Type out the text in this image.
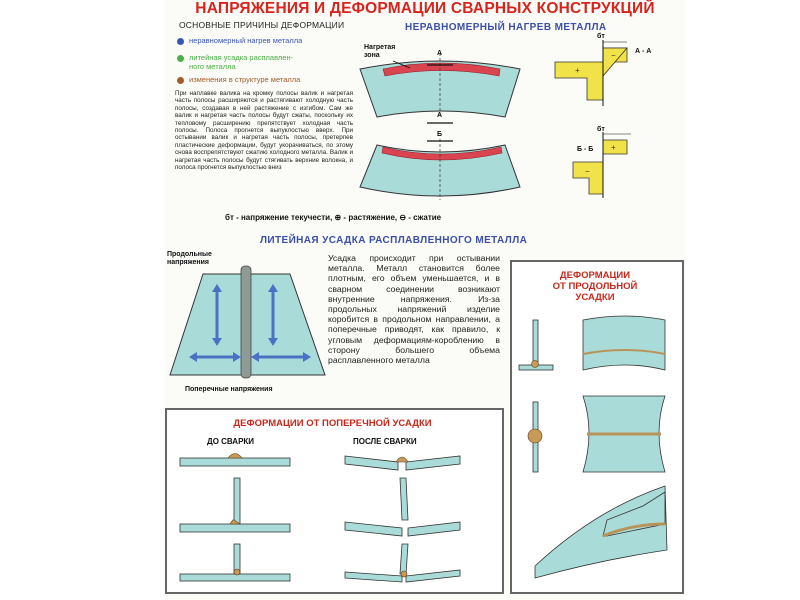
НАПРЯЖЕНИЯ И ДЕФОРМАЦИИ СВАРНЫХ КОНСТРУКЦИЙ
ОСНОВНЫЕ ПРИЧИНЫ ДЕФОРМАЦИИ
неравномерный нагрев металла
литейная усадка расплавлен-
ного металла
изменения в структуре металла
При наплавке валика на кромку полосы валик и нагретая часть полосы расширяются и растягивают холодную часть полосы, создавая в ней растяжение с изгибом. Сам же валик и нагретая часть полосы будут сжаты, поскольку их тепловому расширению препятствует холодная часть полосы. Полоса прогнется выпуклостью вверх. При остывании валик и нагретая часть полосы, претерпев пластические деформации, будут укорачиваться, по этому снова воспрепятствуют сжатию холодного металла. Валик и нагретая часть полосы будут стягивать верхние волокна, и полоса прогнется выпуклостью вниз
НЕРАВНОМЕРНЫЙ НАГРЕВ МЕТАЛЛА
Нагретая зона	А
А
Б
+
−
бт
А - А
+
−
бт
Б - Б
бт - напряжение текучести, ⊕ - растяжение, ⊖ - сжатие
ЛИТЕЙНАЯ УСАДКА РАСПЛАВЛЕННОГО МЕТАЛЛА
Продольные напряжения
Поперечные напряжения
Усадка происходит при остывании металла. Металл становится более плотным, его объем уменьшается, и в сварном соединении возникают внутренние напряжения. Из-за продольных напряжений изделие коробится в продольном направлении, а поперечные приводят, как правило, к угловым деформациям-короблению в сторону большего объема расплавленного металла
ДЕФОРМАЦИИ
ОТ ПРОДОЛЬНОЙ
УСАДКИ
ДЕФОРМАЦИИ ОТ ПОПЕРЕЧНОЙ УСАДКИ
ДО СВАРКИ	ПОСЛЕ СВАРКИ
